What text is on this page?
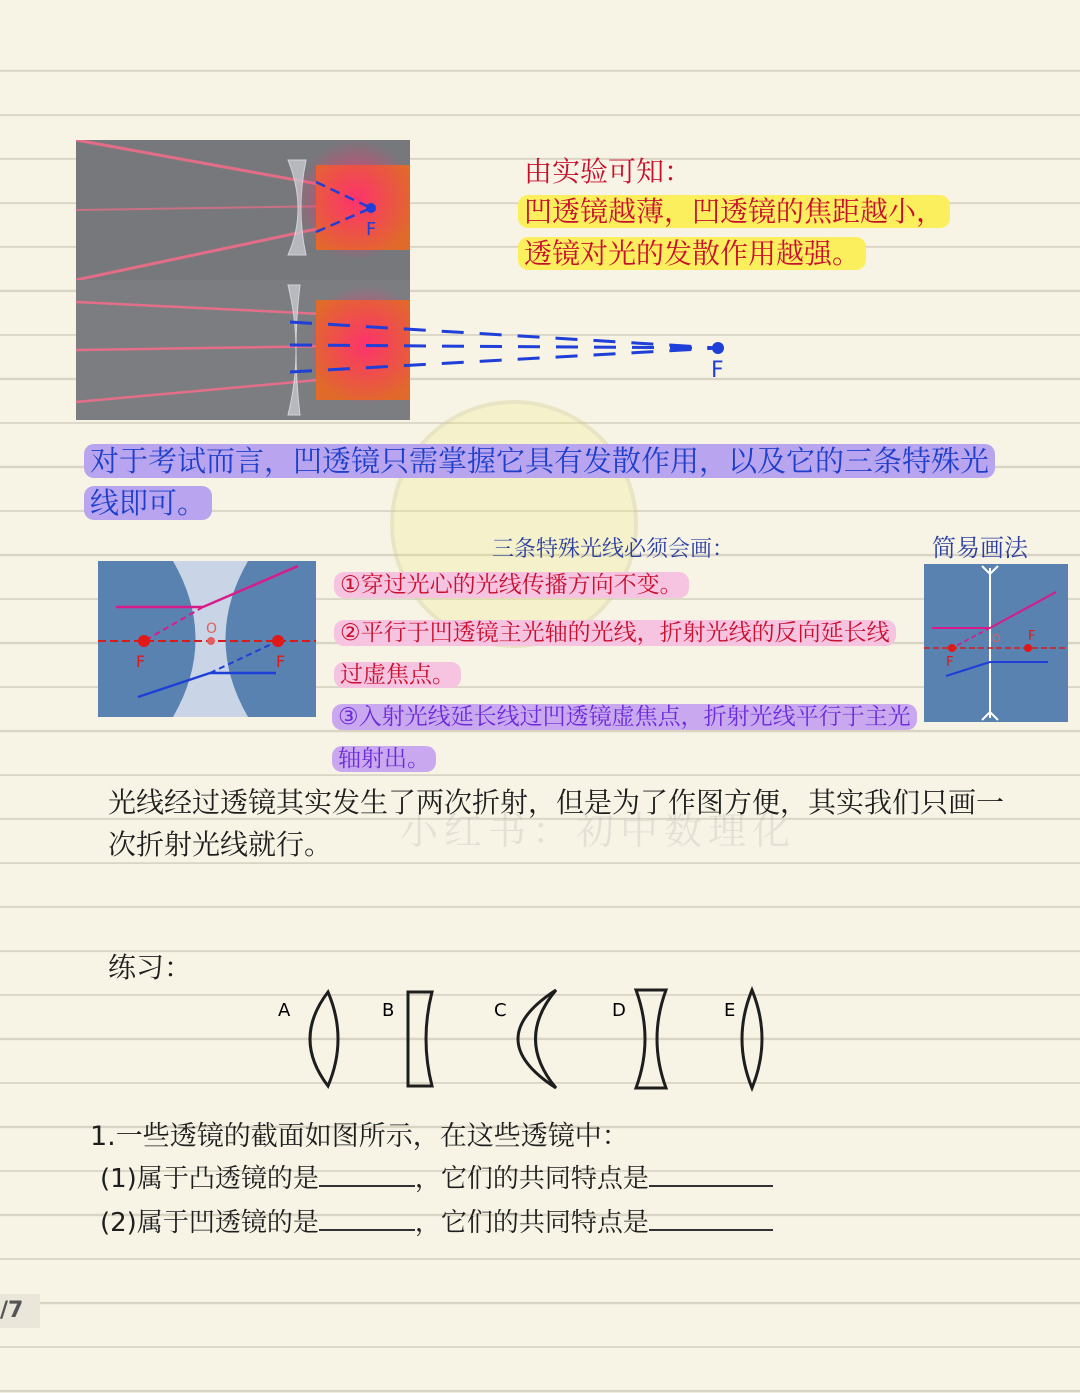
小红书：初中数理化
F
F
由实验可知：
凹透镜越薄，凹透镜的焦距越小，
透镜对光的发散作用越强。
对于考试而言，凹透镜只需掌握它具有发散作用，以及它的三条特殊光线即可。
三条特殊光线必须会画：	简易画法
F
O
F
①穿过光心的光线传播方向不变。
②平行于凹透镜主光轴的光线，折射光线的反向延长线过虚焦点。
③入射光线延长线过凹透镜虚焦点，折射光线平行于主光轴射出。
F
O F
光线经过透镜其实发生了两次折射，但是为了作图方便，其实我们只画一次折射光线就行。
练习：
A	B	C	D	E
1.一些透镜的截面如图所示，在这些透镜中：
(1)属于凸透镜的是	，它们的共同特点是
(2)属于凹透镜的是	，它们的共同特点是
/7
